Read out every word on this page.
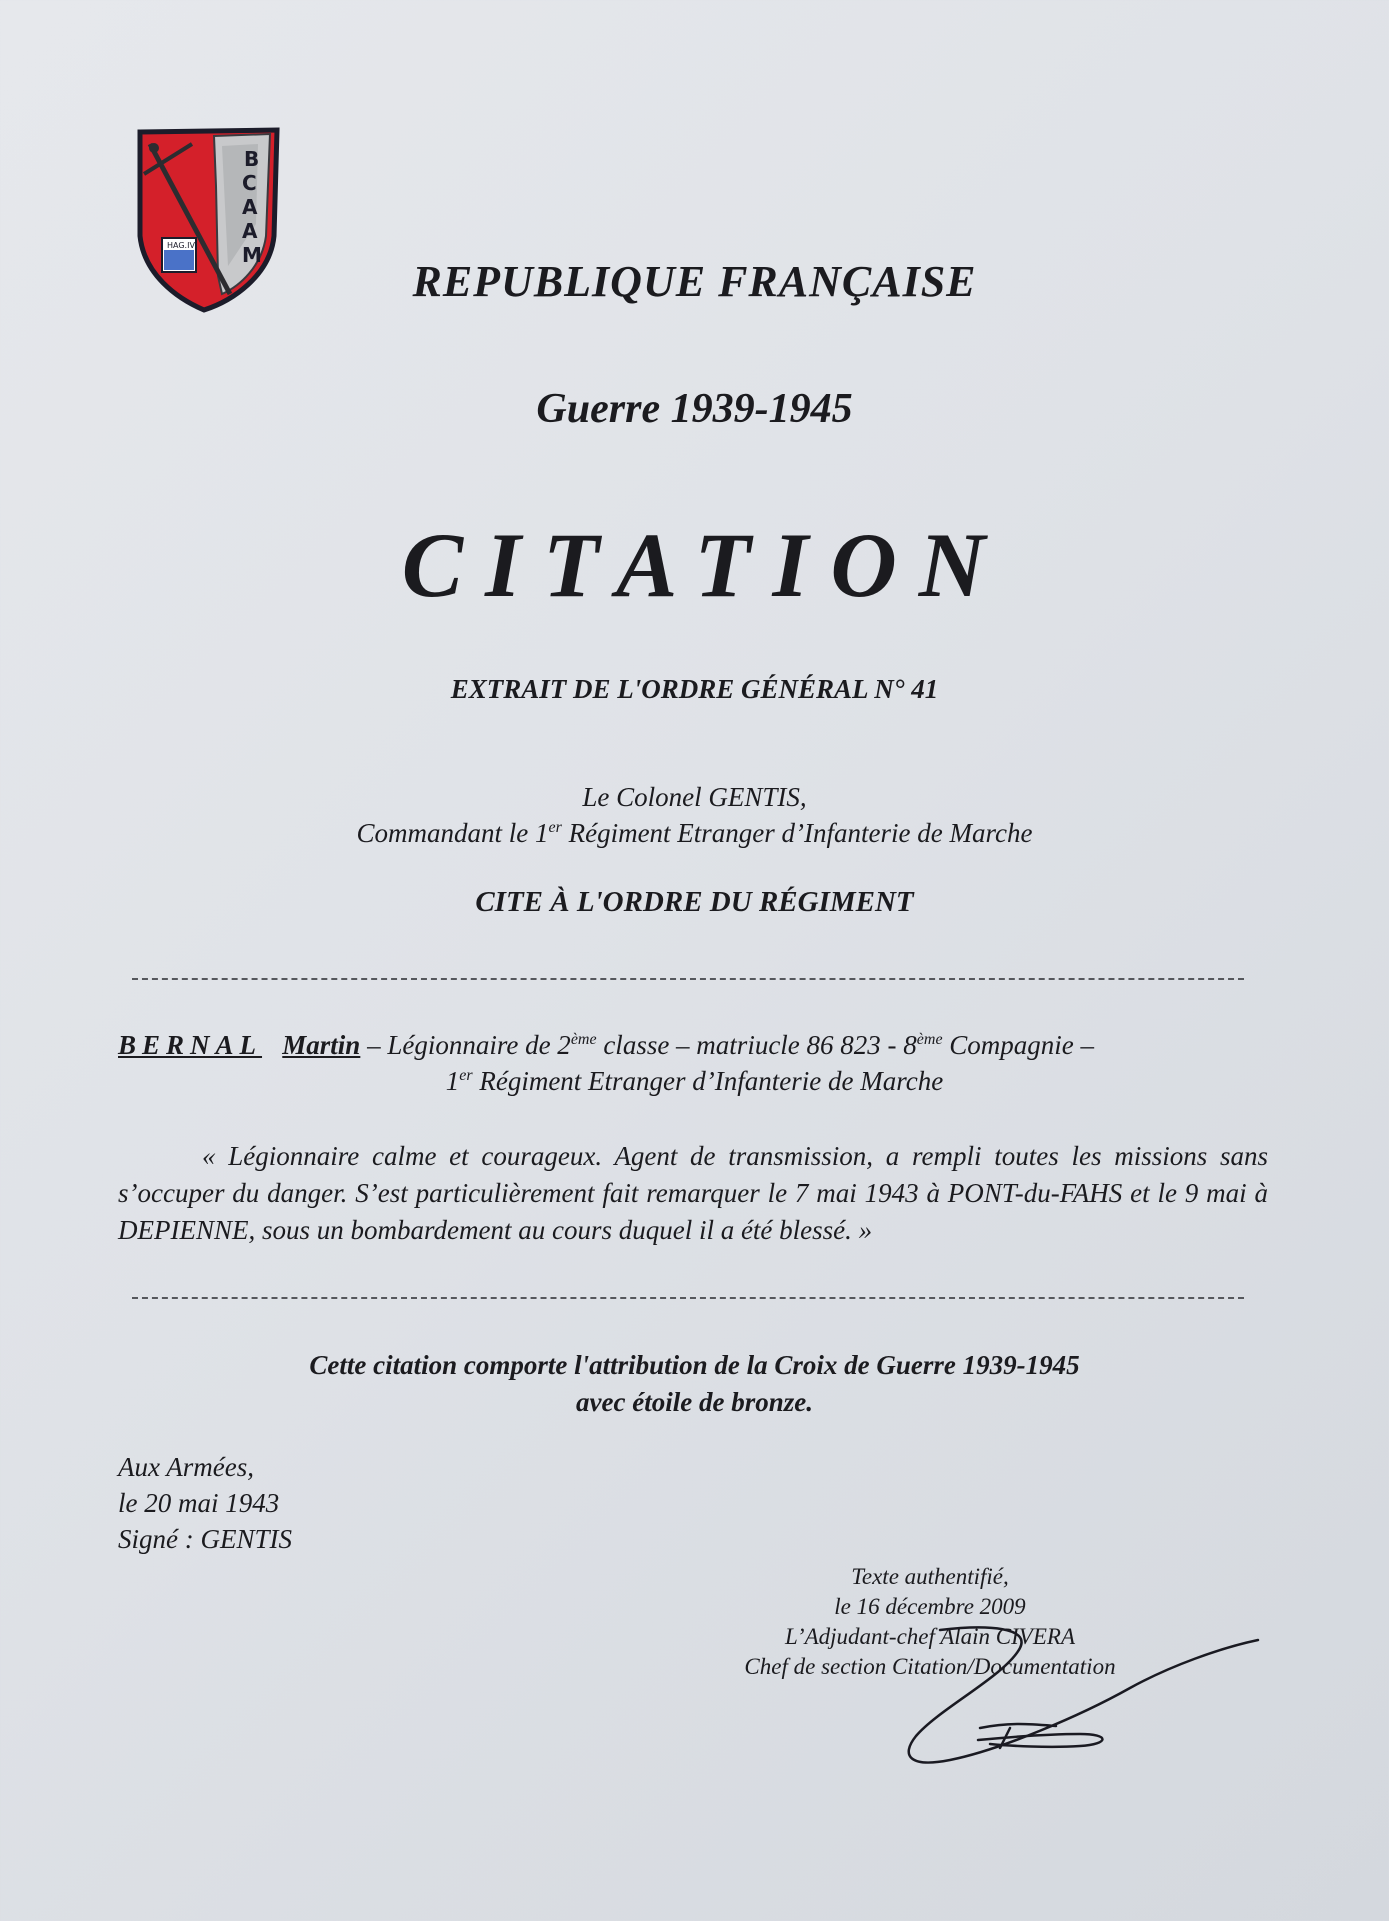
B
C
A
A
M
HAG.IV
REPUBLIQUE FRANÇAISE
Guerre 1939-1945
CITATION
EXTRAIT DE L'ORDRE GÉNÉRAL N° 41
Le Colonel GENTIS,
Commandant le 1er Régiment Etranger d’Infanterie de Marche
CITE À L'ORDRE DU RÉGIMENT
BERNAL Martin – Légionnaire de 2ème classe – matriucle 86 823 - 8ème Compagnie –
1er Régiment Etranger d’Infanterie de Marche
« Légionnaire calme et courageux. Agent de transmission, a rempli toutes les missions sans s’occuper du danger. S’est particulièrement fait remarquer le 7 mai 1943 à PONT-du-FAHS et le 9 mai à DEPIENNE, sous un bombardement au cours duquel il a été blessé. »
Cette citation comporte l'attribution de la Croix de Guerre 1939-1945
avec étoile de bronze.
Aux Armées,
le 20 mai 1943
Signé : GENTIS
Texte authentifié,
le 16 décembre 2009
L’Adjudant-chef Alain CIVERA
Chef de section Citation/Documentation
